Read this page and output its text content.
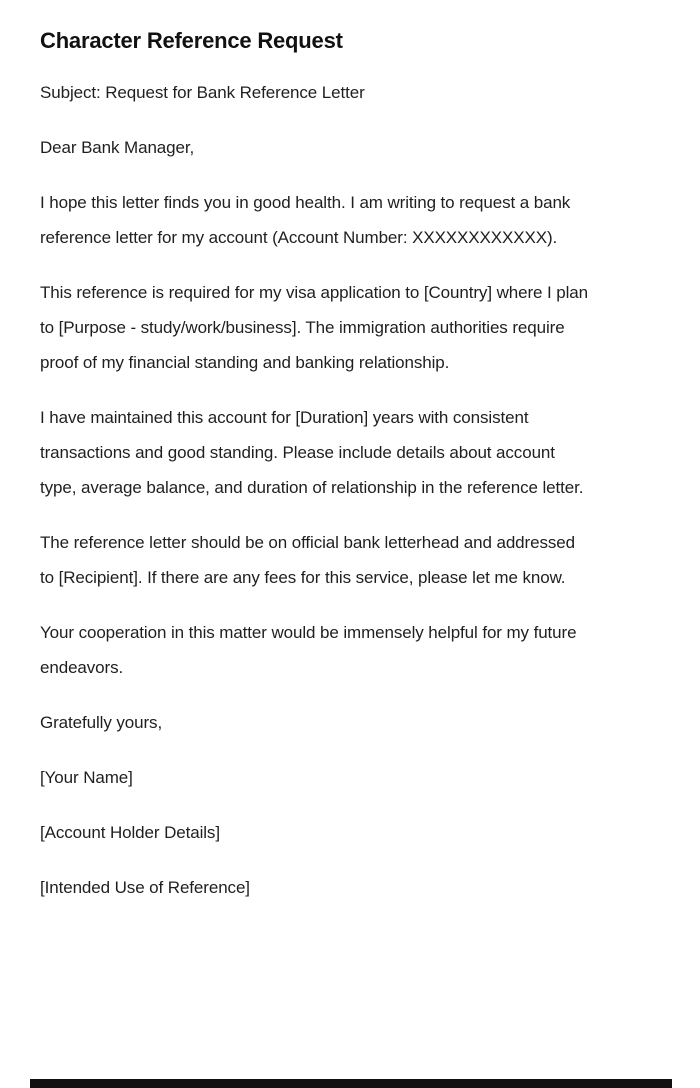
Character Reference Request
Subject: Request for Bank Reference Letter
Dear Bank Manager,

I hope this letter finds you in good health. I am writing to request a bank reference letter for my account (Account Number: XXXXXXXXXXXX).

This reference is required for my visa application to [Country] where I plan to [Purpose - study/work/business]. The immigration authorities require proof of my financial standing and banking relationship.

I have maintained this account for [Duration] years with consistent transactions and good standing. Please include details about account type, average balance, and duration of relationship in the reference letter.

The reference letter should be on official bank letterhead and addressed to [Recipient]. If there are any fees for this service, please let me know.

Your cooperation in this matter would be immensely helpful for my future endeavors.

Gratefully yours,
[Your Name]
[Account Holder Details]
[Intended Use of Reference]
